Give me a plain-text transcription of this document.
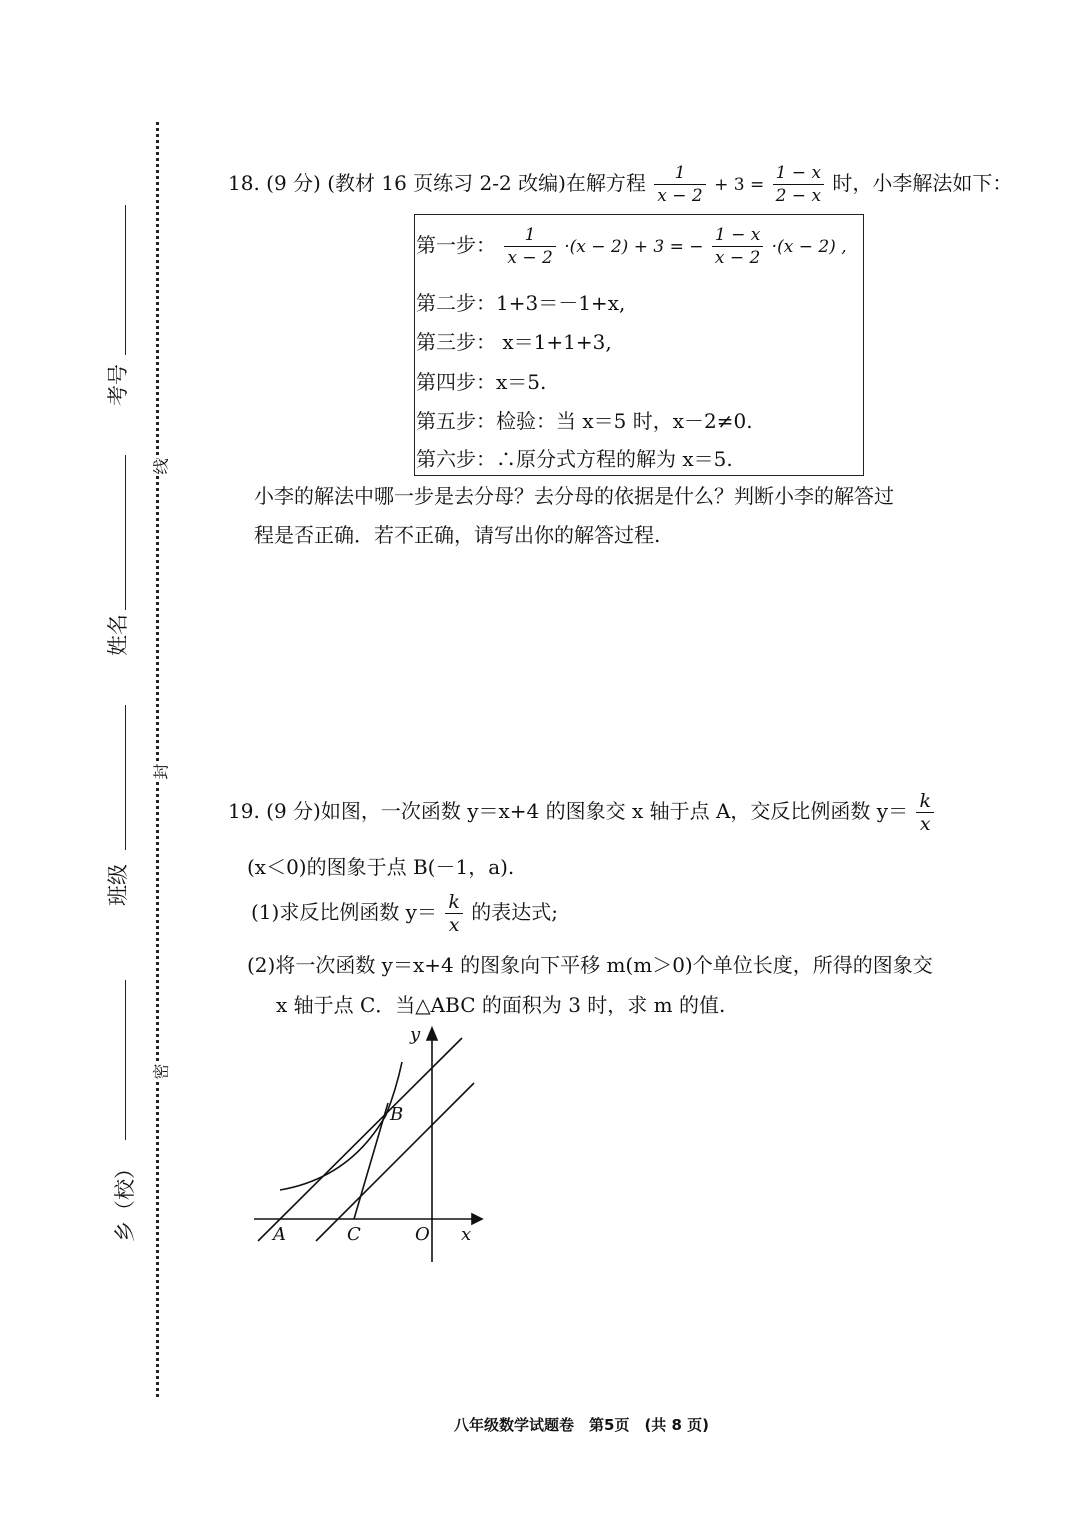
考号
姓名
班级
乡（校）
线
封
密
18. (9 分) (教材 16 页练习 2-2 改编)在解方程 $\frac{1}{x - 2} + 3 = \frac{1 - x}{2 - x}$ 时，小李解法如下：
第一步： $\frac{1}{x - 2} \cdot(x - 2) + 3$ = − $\frac{1 - x}{x - 2} \cdot(x - 2)$ ,
第二步：1+3＝－1+x,
第三步： x＝1+1+3,
第四步：x＝5.
第五步：检验：当 x＝5 时，x－2≠0.
第六步：∴原分式方程的解为 x＝5.
小李的解法中哪一步是去分母？去分母的依据是什么？判断小李的解答过
程是否正确．若不正确，请写出你的解答过程.
19. (9 分)如图，一次函数 y＝x+4 的图象交 x 轴于点 A，交反比例函数 $y= \frac{k}{x}$
(x＜0)的图象于点 B(－1，a).
(1)求反比例函数 $y= \frac{k}{x}$ 的表达式;
(2)将一次函数 y＝x+4 的图象向下平移 m(m＞0)个单位长度，所得的图象交
x 轴于点 C．当△ABC 的面积为 3 时，求 m 的值.
y
x
O
A
B
C
八年级数学试题卷　第5页　(共 8 页)
